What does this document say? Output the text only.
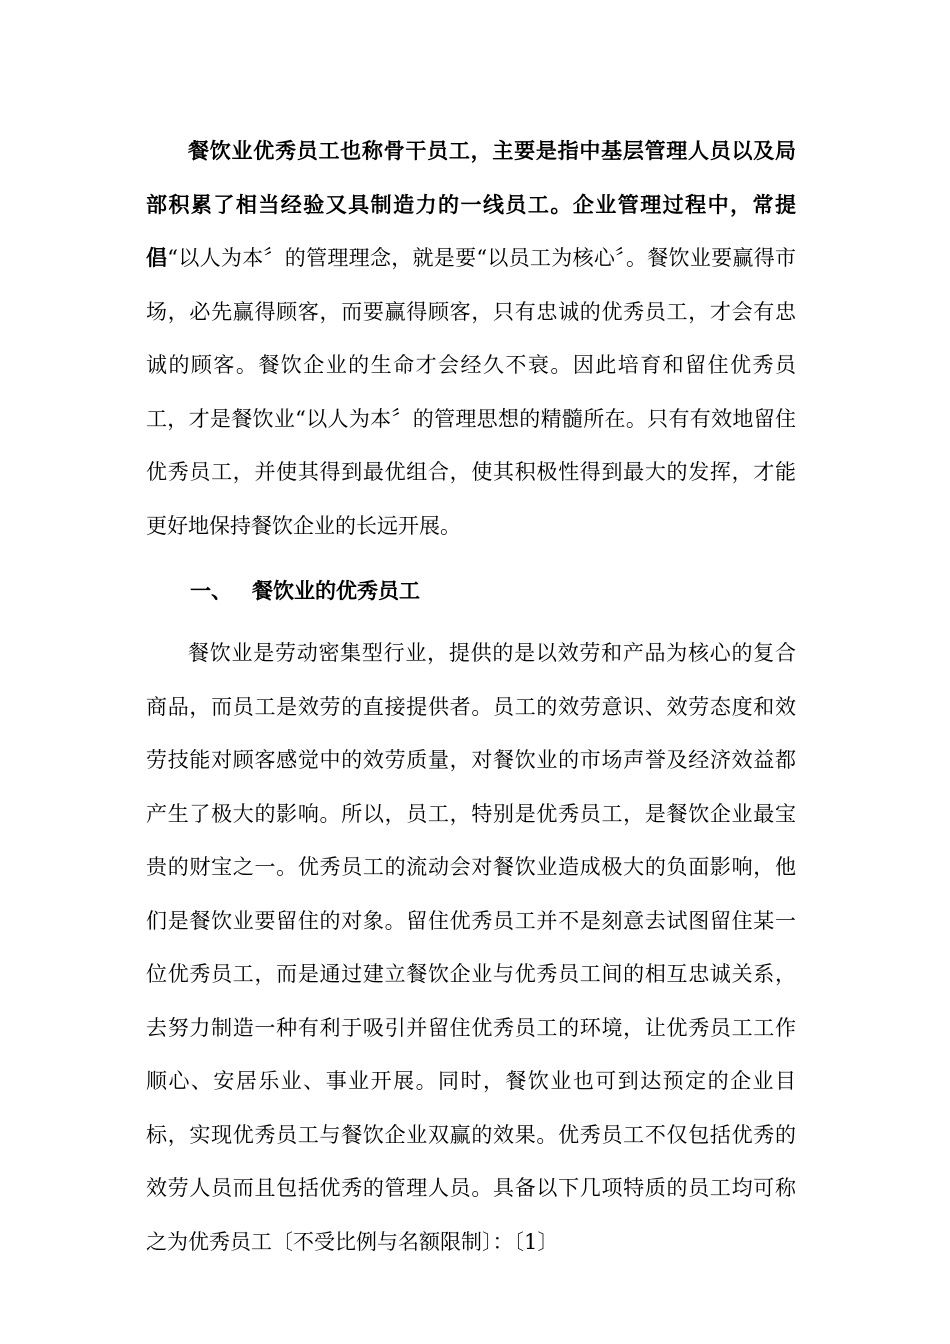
餐饮业优秀员工也称骨干员工，主要是指中基层管理人员以及局部积累了相当经验又具制造力的一线员工。企业管理过程中，常提倡“以人为本〞的管理理念，就是要“以员工为核心〞。餐饮业要赢得市场，必先赢得顾客，而要赢得顾客，只有忠诚的优秀员工，才会有忠诚的顾客。餐饮企业的生命才会经久不衰。因此培育和留住优秀员工，才是餐饮业“以人为本〞的管理思想的精髓所在。只有有效地留住优秀员工，并使其得到最优组合，使其积极性得到最大的发挥，才能更好地保持餐饮企业的长远开展。

一、 餐饮业的优秀员工

餐饮业是劳动密集型行业，提供的是以效劳和产品为核心的复合商品，而员工是效劳的直接提供者。员工的效劳意识、效劳态度和效劳技能对顾客感觉中的效劳质量，对餐饮业的市场声誉及经济效益都产生了极大的影响。所以，员工，特别是优秀员工，是餐饮企业最宝贵的财宝之一。优秀员工的流动会对餐饮业造成极大的负面影响，他们是餐饮业要留住的对象。留住优秀员工并不是刻意去试图留住某一位优秀员工，而是通过建立餐饮企业与优秀员工间的相互忠诚关系，去努力制造一种有利于吸引并留住优秀员工的环境，让优秀员工工作顺心、安居乐业、事业开展。同时，餐饮业也可到达预定的企业目标，实现优秀员工与餐饮企业双赢的效果。优秀员工不仅包括优秀的效劳人员而且包括优秀的管理人员。具备以下几项特质的员工均可称之为优秀员工〔不受比例与名额限制〕：〔1〕
